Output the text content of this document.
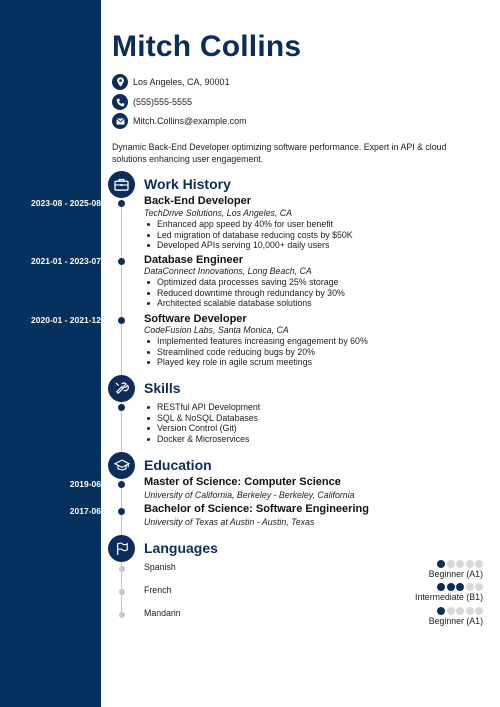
2023-08 - 2025-08
2021-01 - 2023-07
2020-01 - 2021-12
2019-06
2017-06
Mitch Collins
Los Angeles, CA, 90001
(555)555-5555
Mitch.Collins@example.com
Dynamic Back-End Developer optimizing software performance. Expert in API & cloud solutions enhancing user engagement.
Work History
Back-End Developer
TechDrive Solutions, Los Angeles, CA
Enhanced app speed by 40% for user benefit
Led migration of database reducing costs by $50K
Developed APIs serving 10,000+ daily users
Database Engineer
DataConnect Innovations, Long Beach, CA
Optimized data processes saving 25% storage
Reduced downtime through redundancy by 30%
Architected scalable database solutions
Software Developer
CodeFusion Labs, Santa Monica, CA
Implemented features increasing engagement by 60%
Streamlined code reducing bugs by 20%
Played key role in agile scrum meetings
Skills
RESTful API Development
SQL & NoSQL Databases
Version Control (Git)
Docker & Microservices
Education
Master of Science: Computer Science
University of California, Berkeley - Berkeley, California
Bachelor of Science: Software Engineering
University of Texas at Austin - Austin, Texas
Languages
Spanish
Beginner (A1)
French
Intermediate (B1)
Mandarin
Beginner (A1)
